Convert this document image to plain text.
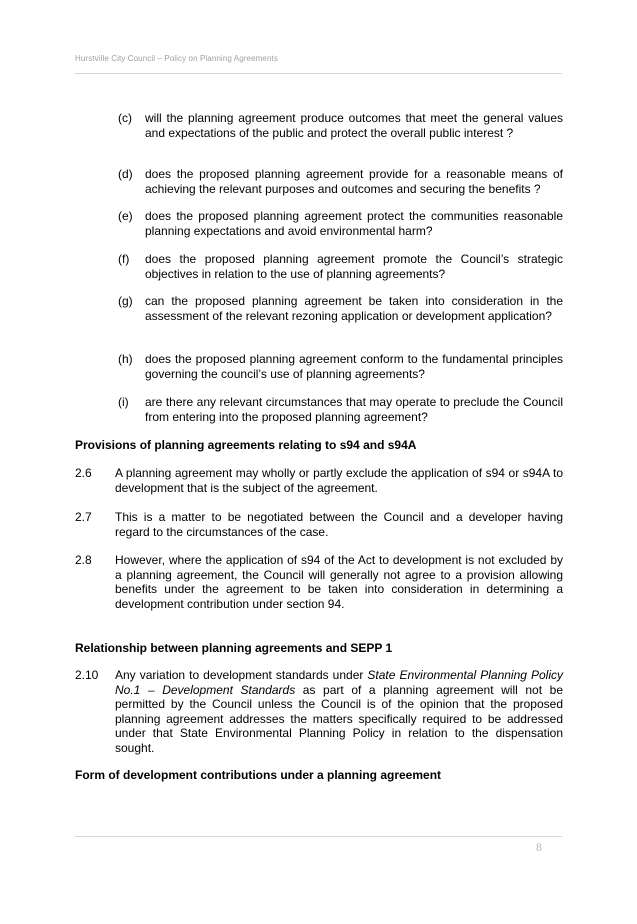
Hurstville City Council – Policy on Planning Agreements
(c) will the planning agreement produce outcomes that meet the general values and expectations of the public and protect the overall public interest ?
(d) does the proposed planning agreement provide for a reasonable means of achieving the relevant purposes and outcomes and securing the benefits ?
(e) does the proposed planning agreement protect the communities reasonable planning expectations and avoid environmental harm?
(f) does the proposed planning agreement promote the Council’s strategic objectives in relation to the use of planning agreements?
(g) can the proposed planning agreement be taken into consideration in the assessment of the relevant rezoning application or development application?
(h) does the proposed planning agreement conform to the fundamental principles governing the council’s use of planning agreements?
(i) are there any relevant circumstances that may operate to preclude the Council from entering into the proposed planning agreement?
Provisions of planning agreements relating to s94 and s94A
2.6 A planning agreement may wholly or partly exclude the application of s94 or s94A to development that is the subject of the agreement.
2.7 This is a matter to be negotiated between the Council and a developer having regard to the circumstances of the case.
2.8 However, where the application of s94 of the Act to development is not excluded by a planning agreement, the Council will generally not agree to a provision allowing benefits under the agreement to be taken into consideration in determining a development contribution under section 94.
Relationship between planning agreements and SEPP 1
2.10 Any variation to development standards under State Environmental Planning Policy No.1 – Development Standards as part of a planning agreement will not be permitted by the Council unless the Council is of the opinion that the proposed planning agreement addresses the matters specifically required to be addressed under that State Environmental Planning Policy in relation to the dispensation sought.
Form of development contributions under a planning agreement
8
